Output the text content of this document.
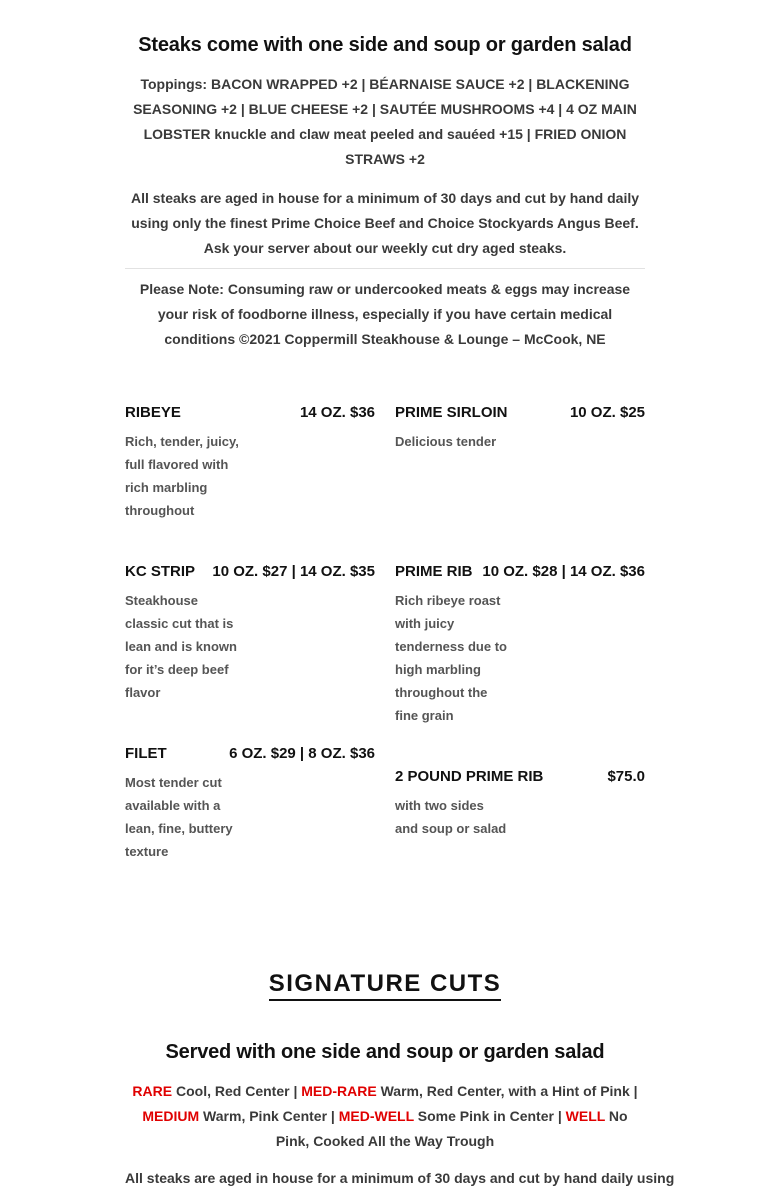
Steaks come with one side and soup or garden salad

Toppings: BACON WRAPPED +2 | BÉARNAISE SAUCE +2 | BLACKENING SEASONING +2 | BLUE CHEESE +2 | SAUTÉE MUSHROOMS +4 | 4 OZ MAIN LOBSTER knuckle and claw meat peeled and sauéed +15 | FRIED ONION STRAWS +2

All steaks are aged in house for a minimum of 30 days and cut by hand daily using only the finest Prime Choice Beef and Choice Stockyards Angus Beef. Ask your server about our weekly cut dry aged steaks.

Please Note: Consuming raw or undercooked meats & eggs may increase your risk of foodborne illness, especially if you have certain medical conditions ©2021 Coppermill Steakhouse & Lounge – McCook, NE

RIBEYE	14 OZ. $36
Rich, tender, juicy, full flavored with rich marbling throughout
PRIME SIRLOIN	10 OZ. $25
Delicious tender
KC STRIP 10 OZ. $27 | 14 OZ. $35
Steakhouse classic cut that is lean and is known for it’s deep beef flavor
PRIME RIB 10 OZ. $28 | 14 OZ. $36
Rich ribeye roast with juicy tenderness due to high marbling throughout the fine grain
FILET	6 OZ. $29 | 8 OZ. $36
Most tender cut available with a lean, fine, buttery texture
2 POUND PRIME RIB	$75.0
with two sides and soup or salad
SIGNATURE CUTS
Served with one side and soup or garden salad

RARE Cool, Red Center | MED-RARE Warm, Red Center, with a Hint of Pink | MEDIUM Warm, Pink Center | MED-WELL Some Pink in Center | WELL No Pink, Cooked All the Way Trough

All steaks are aged in house for a minimum of 30 days and cut by hand daily using
